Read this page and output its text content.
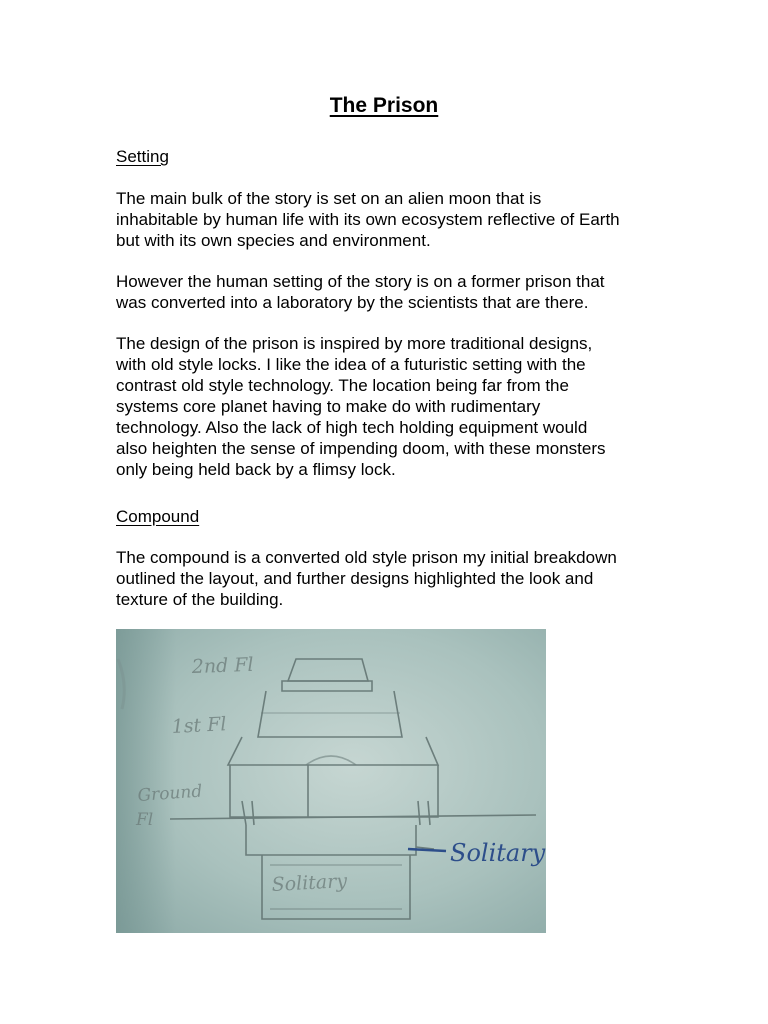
The Prison
Setting
The main bulk of the story is set on an alien moon that is
inhabitable by human life with its own ecosystem reflective of Earth
but with its own species and environment.
However the human setting of the story is on a former prison that
was converted into a laboratory by the scientists that are there.
The design of the prison is inspired by more traditional designs,
with old style locks. I like the idea of a futuristic setting with the
contrast old style technology. The location being far from the
systems core planet having to make do with rudimentary
technology. Also the lack of high tech holding equipment would
also heighten the sense of impending doom, with these monsters
only being held back by a flimsy lock.
Compound
The compound is a converted old style prison my initial breakdown
outlined the layout, and further designs highlighted the look and
texture of the building.
2nd Fl
1st Fl
Ground
Fl
Solitary
Solitary
